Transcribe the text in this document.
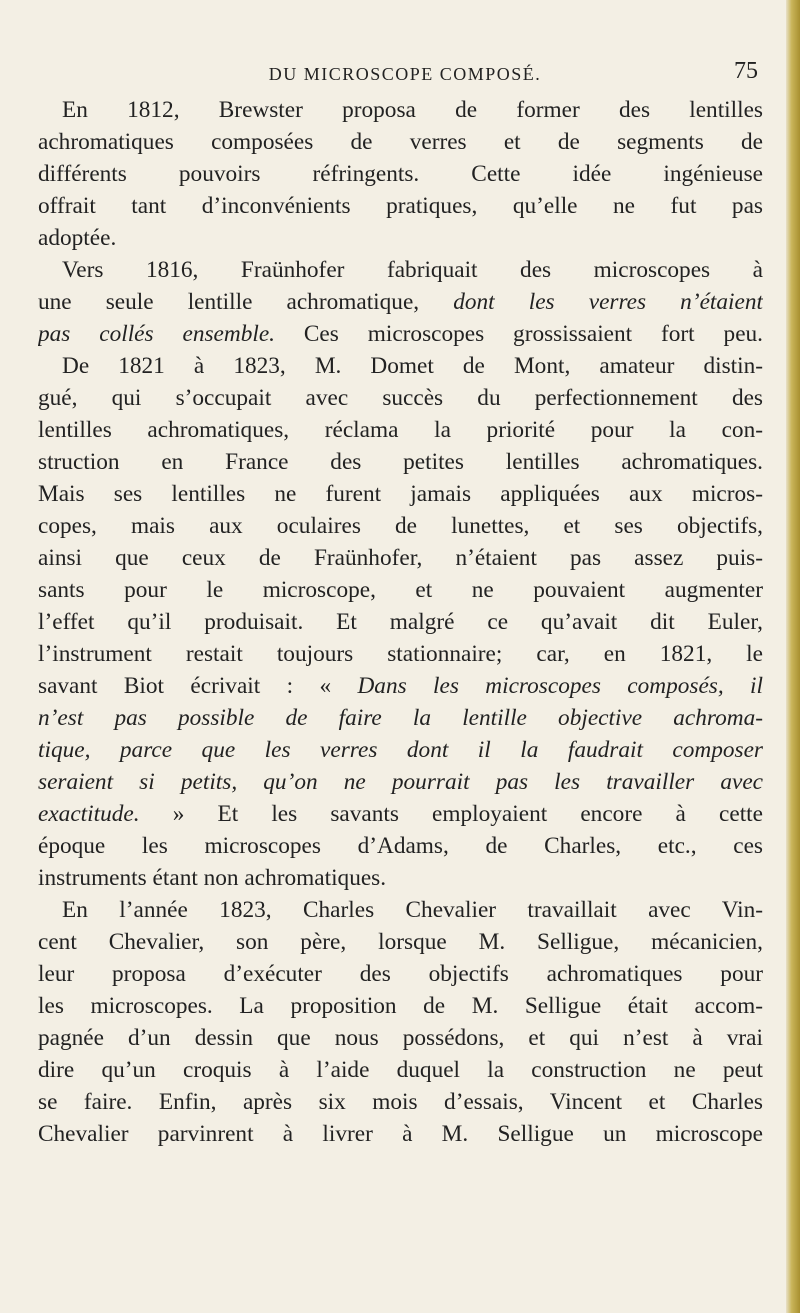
DU MICROSCOPE COMPOSÉ.	75
En 1812, Brewster proposa de former des lentilles
achromatiques composées de verres et de segments de
différents pouvoirs réfringents. Cette idée ingénieuse
offrait tant d’inconvénients pratiques, qu’elle ne fut pas
adoptée.
Vers 1816, Fraünhofer fabriquait des microscopes à
une seule lentille achromatique, dont les verres n’étaient
pas collés ensemble. Ces microscopes grossissaient fort peu.
De 1821 à 1823, M. Domet de Mont, amateur distin-
gué, qui s’occupait avec succès du perfectionnement des
lentilles achromatiques, réclama la priorité pour la con-
struction en France des petites lentilles achromatiques.
Mais ses lentilles ne furent jamais appliquées aux micros-
copes, mais aux oculaires de lunettes, et ses objectifs,
ainsi que ceux de Fraünhofer, n’étaient pas assez puis-
sants pour le microscope, et ne pouvaient augmenter
l’effet qu’il produisait. Et malgré ce qu’avait dit Euler,
l’instrument restait toujours stationnaire; car, en 1821, le
savant Biot écrivait : « Dans les microscopes composés, il
n’est pas possible de faire la lentille objective achroma-
tique, parce que les verres dont il la faudrait composer
seraient si petits, qu’on ne pourrait pas les travailler avec
exactitude. » Et les savants employaient encore à cette
époque les microscopes d’Adams, de Charles, etc., ces
instruments étant non achromatiques.
En l’année 1823, Charles Chevalier travaillait avec Vin-
cent Chevalier, son père, lorsque M. Selligue, mécanicien,
leur proposa d’exécuter des objectifs achromatiques pour
les microscopes. La proposition de M. Selligue était accom-
pagnée d’un dessin que nous possédons, et qui n’est à vrai
dire qu’un croquis à l’aide duquel la construction ne peut
se faire. Enfin, après six mois d’essais, Vincent et Charles
Chevalier parvinrent à livrer à M. Selligue un microscope
